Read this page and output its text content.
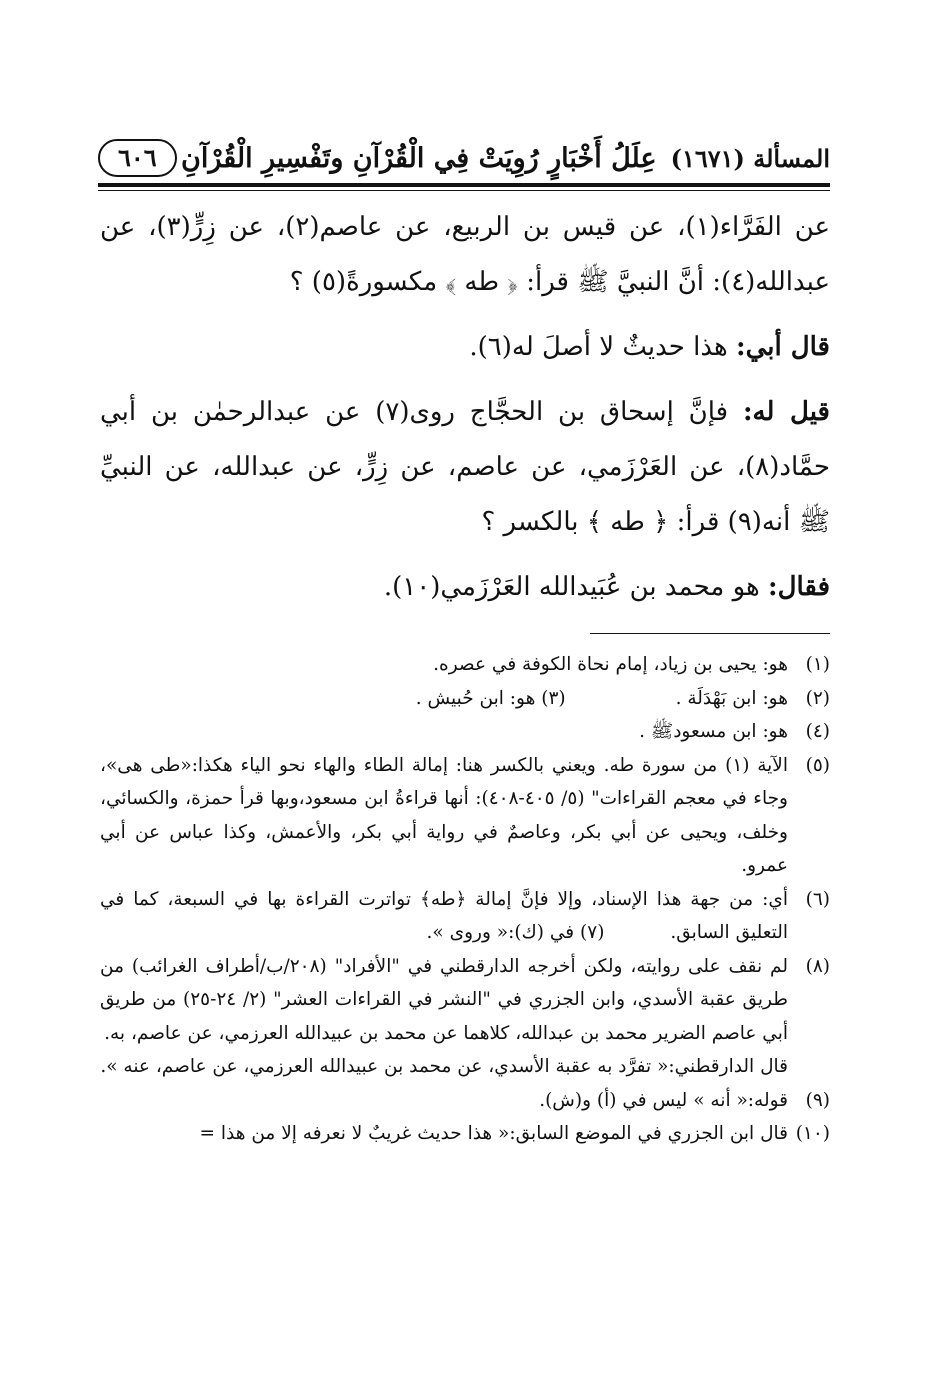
المسألة (١٦٧١)
عِلَلُ أَخْبَارٍ رُوِيَتْ فِي الْقُرْآنِ وتَفْسِيرِ الْقُرْآنِ
٦٠٦

عن الفَرَّاء(١)، عن قيس بن الربيع، عن عاصم(٢)، عن زِرٍّ(٣)، عن عبدالله(٤): أنَّ النبيَّ ﷺ قرأ: ﴿ طه ﴾ مكسورةً(٥) ؟

قال أبي: هذا حديثٌ لا أصلَ له(٦).

قيل له: فإنَّ إسحاق بن الحجَّاج روى(٧) عن عبدالرحمٰن بن أبي حمَّاد(٨)، عن العَرْزَمي، عن عاصم، عن زِرٍّ، عن عبدالله، عن النبيِّ ﷺ أنه(٩) قرأ: ﴿ طه ﴾ بالكسر ؟

فقال: هو محمد بن عُبَيدالله العَرْزَمي(١٠).

(١)
هو: يحيى بن زياد، إمام نحاة الكوفة في عصره.
(٢)
هو: ابن بَهْدَلَة .
(٣) هو: ابن حُبيش .
(٤)
هو: ابن مسعودﷺ .
(٥)
الآية (١) من سورة طه. ويعني بالكسر هنا: إمالة الطاء والهاء نحو الياء هكذا:«طى هى»، وجاء في معجم القراءات" (٥/ ٤٠٥-٤٠٨): أنها قراءةُ ابن مسعود،وبها قرأ حمزة، والكسائي، وخلف، ويحيى عن أبي بكر، وعاصمٌ في رواية أبي بكر، والأعمش، وكذا عباس عن أبي عمرو.
(٦)
أي: من جهة هذا الإسناد، وإلا فإنَّ إمالة ﴿طه﴾ تواترت القراءة بها في السبعة، كما في التعليق السابق. (٧) في (ك):« وروى ».
(٨)
لم نقف على روايته، ولكن أخرجه الدارقطني في "الأفراد" (٢٠٨/ب/أطراف الغرائب) من طريق عقبة الأسدي، وابن الجزري في "النشر في القراءات العشر" (٢/ ٢٤-٢٥) من طريق أبي عاصم الضرير محمد بن عبدالله، كلاهما عن محمد بن عبيدالله العرزمي، عن عاصم، به.
قال الدارقطني:« تفرَّد به عقبة الأسدي، عن محمد بن عبيدالله العرزمي، عن عاصم، عنه ».
(٩)
قوله:« أنه » ليس في (أ) و(ش).
(١٠)
قال ابن الجزري في الموضع السابق:« هذا حديث غريبٌ لا نعرفه إلا من هذا =
